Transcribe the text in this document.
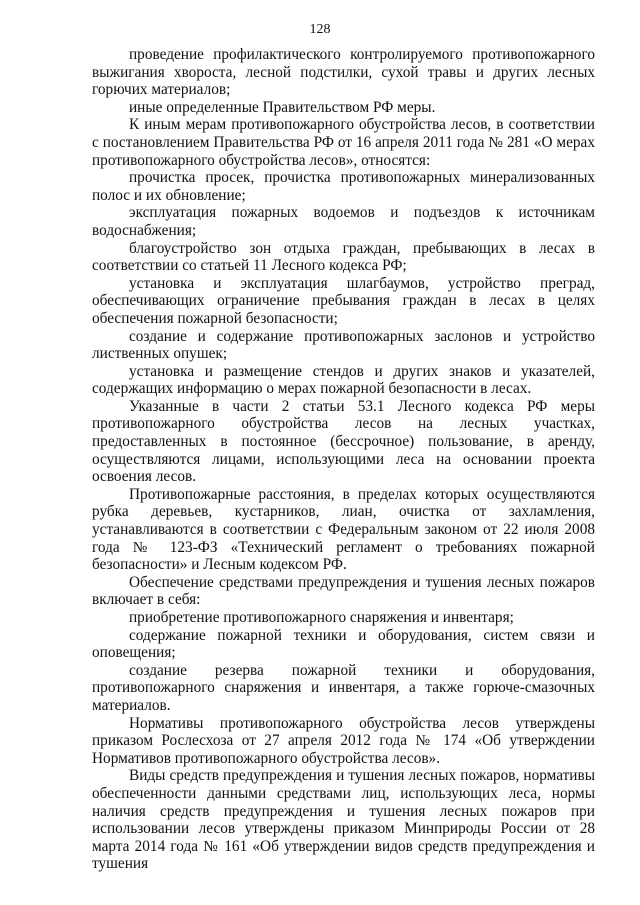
128

проведение профилактического контролируемого противопожарного выжигания хвороста, лесной подстилки, сухой травы и других лесных горючих материалов;

иные определенные Правительством РФ меры.

К иным мерам противопожарного обустройства лесов, в соответствии с постановлением Правительства РФ от 16 апреля 2011 года № 281 «О мерах противопожарного обустройства лесов», относятся:

прочистка просек, прочистка противопожарных минерализованных полос и их обновление;

эксплуатация пожарных водоемов и подъездов к источникам водоснабжения;

благоустройство зон отдыха граждан, пребывающих в лесах в соответствии со статьей 11 Лесного кодекса РФ;

установка и эксплуатация шлагбаумов, устройство преград, обеспечивающих ограничение пребывания граждан в лесах в целях обеспечения пожарной безопасности;

создание и содержание противопожарных заслонов и устройство лиственных опушек;

установка и размещение стендов и других знаков и указателей, содержащих информацию о мерах пожарной безопасности в лесах.

Указанные в части 2 статьи 53.1 Лесного кодекса РФ меры противопожарного обустройства лесов на лесных участках, предоставленных в постоянное (бессрочное) пользование, в аренду, осуществляются лицами, использующими леса на основании проекта освоения лесов.

Противопожарные расстояния, в пределах которых осуществляются рубка деревьев, кустарников, лиан, очистка от захламления, устанавливаются в соответствии с Федеральным законом от 22 июля 2008 года № 123-ФЗ «Технический регламент о требованиях пожарной безопасности» и Лесным кодексом РФ.

Обеспечение средствами предупреждения и тушения лесных пожаров включает в себя:

приобретение противопожарного снаряжения и инвентаря;

содержание пожарной техники и оборудования, систем связи и оповещения;

создание резерва пожарной техники и оборудования, противопожарного снаряжения и инвентаря, а также горюче-смазочных материалов.

Нормативы противопожарного обустройства лесов утверждены приказом Рослесхоза от 27 апреля 2012 года № 174 «Об утверждении Нормативов противопожарного обустройства лесов».

Виды средств предупреждения и тушения лесных пожаров, нормативы обеспеченности данными средствами лиц, использующих леса, нормы наличия средств предупреждения и тушения лесных пожаров при использовании лесов утверждены приказом Минприроды России от 28 марта 2014 года № 161 «Об утверждении видов средств предупреждения и тушения
